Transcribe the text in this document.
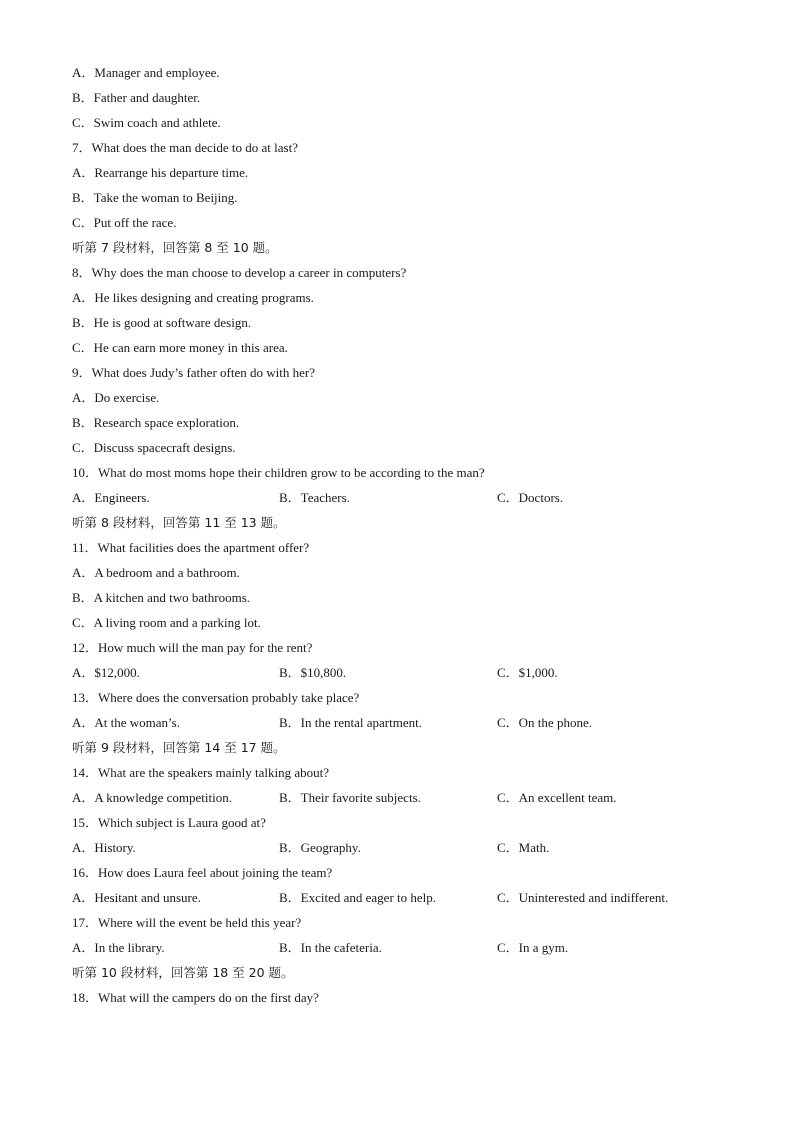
A．Manager and employee.
B．Father and daughter.
C．Swim coach and athlete.
7．What does the man decide to do at last?
A．Rearrange his departure time.
B．Take the woman to Beijing.
C．Put off the race.
听第 7 段材料，回答第 8 至 10 题。
8．Why does the man choose to develop a career in computers?
A．He likes designing and creating programs.
B．He is good at software design.
C．He can earn more money in this area.
9．What does Judy’s father often do with her?
A．Do exercise.
B．Research space exploration.
C．Discuss spacecraft designs.
10．What do most moms hope their children grow to be according to the man?
A．Engineers.	B．Teachers.	C．Doctors.
听第 8 段材料，回答第 11 至 13 题。
11．What facilities does the apartment offer?
A．A bedroom and a bathroom.
B．A kitchen and two bathrooms.
C．A living room and a parking lot.
12．How much will the man pay for the rent?
A．$12,000.	B．$10,800.	C．$1,000.
13．Where does the conversation probably take place?
A．At the woman’s.	B．In the rental apartment.	C．On the phone.
听第 9 段材料，回答第 14 至 17 题。
14．What are the speakers mainly talking about?
A．A knowledge competition.	B．Their favorite subjects.	C．An excellent team.
15．Which subject is Laura good at?
A．History.	B．Geography.	C．Math.
16．How does Laura feel about joining the team?
A．Hesitant and unsure.	B．Excited and eager to help.	C．Uninterested and indifferent.
17．Where will the event be held this year?
A．In the library.	B．In the cafeteria.	C．In a gym.
听第 10 段材料，回答第 18 至 20 题。
18．What will the campers do on the first day?
